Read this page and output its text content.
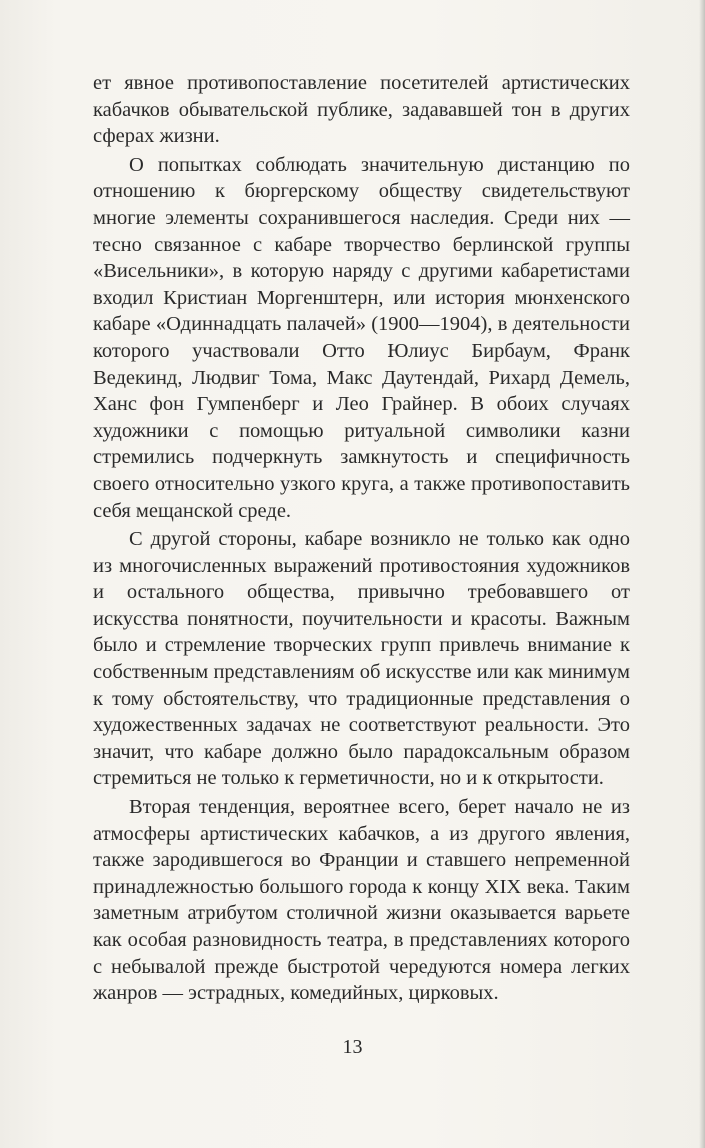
ет явное противопоставление посетителей артистических кабачков обывательской публике, задававшей тон в других сферах жизни.

О попытках соблюдать значительную дистанцию по отношению к бюргерскому обществу свидетельствуют многие элементы сохранившегося наследия. Среди них — тесно связанное с кабаре творчество берлинской группы «Висельники», в которую наряду с другими кабаретистами входил Кристиан Моргенштерн, или история мюнхенского кабаре «Одиннадцать палачей» (1900—1904), в деятельности которого участвовали Отто Юлиус Бирбаум, Франк Ведекинд, Людвиг Тома, Макс Даутендай, Рихард Демель, Ханс фон Гумпенберг и Лео Грайнер. В обоих случаях художники с помощью ритуальной символики казни стремились подчеркнуть замкнутость и специфичность своего относительно узкого круга, а также противопоставить себя мещанской среде.

С другой стороны, кабаре возникло не только как одно из многочисленных выражений противостояния художников и остального общества, привычно требовавшего от искусства понятности, поучительности и красоты. Важным было и стремление творческих групп привлечь внимание к собственным представлениям об искусстве или как минимум к тому обстоятельству, что традиционные представления о художественных задачах не соответствуют реальности. Это значит, что кабаре должно было парадоксальным образом стремиться не только к герметичности, но и к открытости.

Вторая тенденция, вероятнее всего, берет начало не из атмосферы артистических кабачков, а из другого явления, также зародившегося во Франции и ставшего непременной принадлежностью большого города к концу XIX века. Таким заметным атрибутом столичной жизни оказывается варьете как особая разновидность театра, в представлениях которого с небывалой прежде быстротой чередуются номера легких жанров — эстрадных, комедийных, цирковых.

13
